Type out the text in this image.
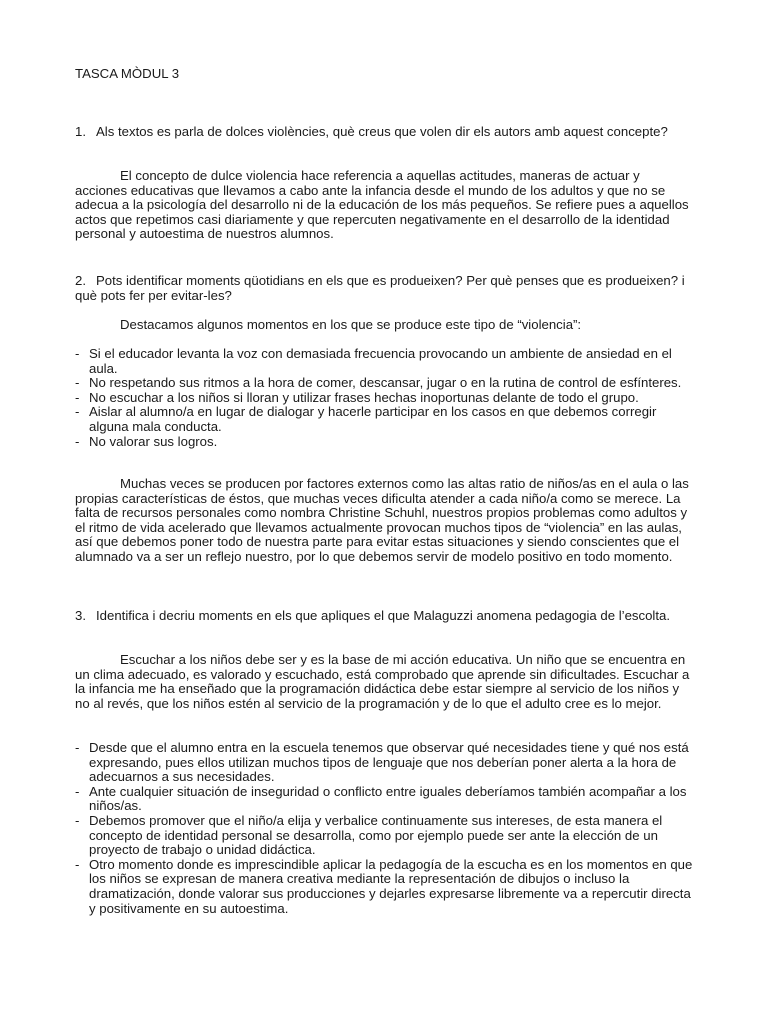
TASCA MÒDUL 3

1. Als textos es parla de dolces violències, què creus que volen dir els autors amb aquest concepte?

El concepto de dulce violencia hace referencia a aquellas actitudes, maneras de actuar y acciones educativas que llevamos a cabo ante la infancia desde el mundo de los adultos y que no se adecua a la psicología del desarrollo ni de la educación de los más pequeños. Se refiere pues a aquellos actos que repetimos casi diariamente y que repercuten negativamente en el desarrollo de la identidad personal y autoestima de nuestros alumnos.

2. Pots identificar moments qüotidians en els que es produeixen? Per què penses que es produeixen? i què pots fer per evitar-les?

Destacamos algunos momentos en los que se produce este tipo de “violencia”:

- Si el educador levanta la voz con demasiada frecuencia provocando un ambiente de ansiedad en el aula.
- No respetando sus ritmos a la hora de comer, descansar, jugar o en la rutina de control de esfínteres.
- No escuchar a los niños si lloran y utilizar frases hechas inoportunas delante de todo el grupo.
- Aislar al alumno/a en lugar de dialogar y hacerle participar en los casos en que debemos corregir alguna mala conducta.
- No valorar sus logros.

Muchas veces se producen por factores externos como las altas ratio de niños/as en el aula o las propias características de éstos, que muchas veces dificulta atender a cada niño/a como se merece. La falta de recursos personales como nombra Christine Schuhl, nuestros propios problemas como adultos y el ritmo de vida acelerado que llevamos actualmente provocan muchos tipos de “violencia” en las aulas, así que debemos poner todo de nuestra parte para evitar estas situaciones y siendo conscientes que el alumnado va a ser un reflejo nuestro, por lo que debemos servir de modelo positivo en todo momento.

3. Identifica i decriu moments en els que apliques el que Malaguzzi anomena pedagogia de l’escolta.

Escuchar a los niños debe ser y es la base de mi acción educativa. Un niño que se encuentra en un clima adecuado, es valorado y escuchado, está comprobado que aprende sin dificultades. Escuchar a la infancia me ha enseñado que la programación didáctica debe estar siempre al servicio de los niños y no al revés, que los niños estén al servicio de la programación y de lo que el adulto cree es lo mejor.

- Desde que el alumno entra en la escuela tenemos que observar qué necesidades tiene y qué nos está expresando, pues ellos utilizan muchos tipos de lenguaje que nos deberían poner alerta a la hora de adecuarnos a sus necesidades.
- Ante cualquier situación de inseguridad o conflicto entre iguales deberíamos también acompañar a los niños/as.
- Debemos promover que el niño/a elija y verbalice continuamente sus intereses, de esta manera el concepto de identidad personal se desarrolla, como por ejemplo puede ser ante la elección de un proyecto de trabajo o unidad didáctica.
- Otro momento donde es imprescindible aplicar la pedagogía de la escucha es en los momentos en que los niños se expresan de manera creativa mediante la representación de dibujos o incluso la dramatización, donde valorar sus producciones y dejarles expresarse libremente va a repercutir directa y positivamente en su autoestima.
